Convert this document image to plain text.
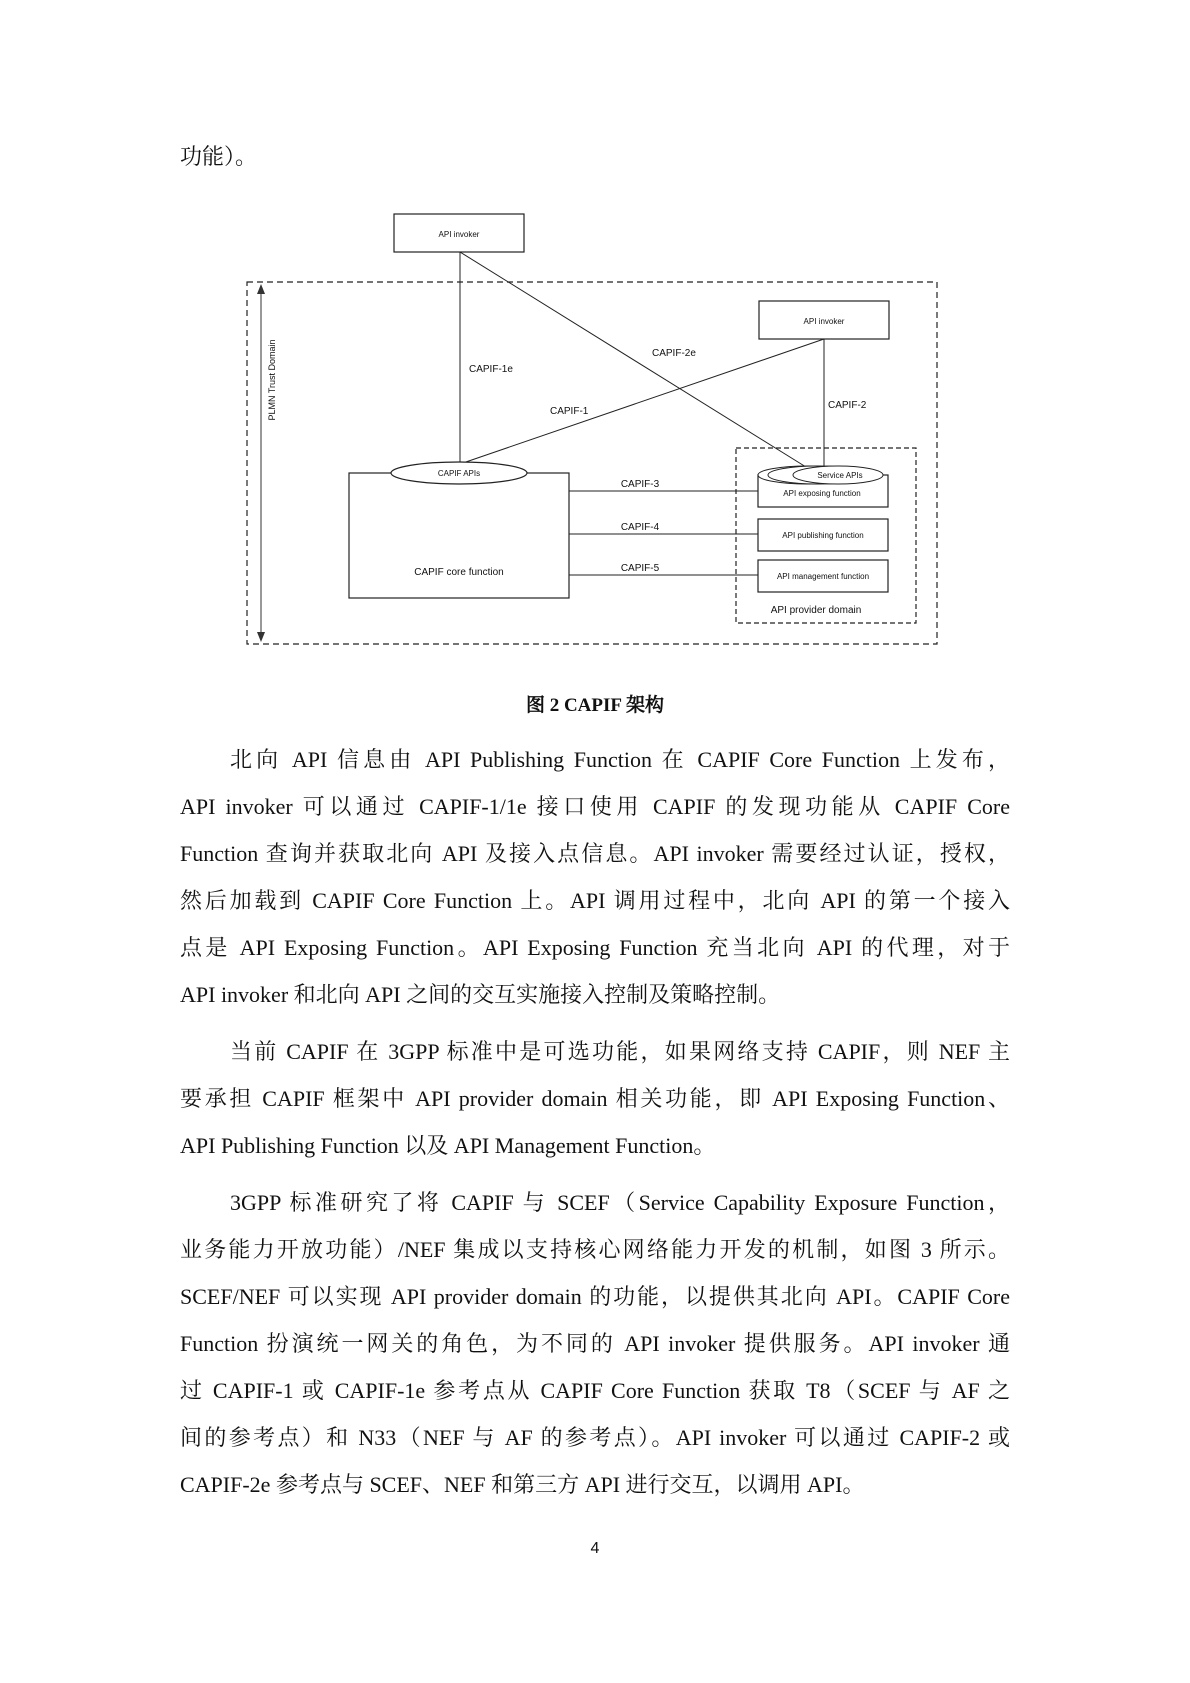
功能）。
PLMN Trust Domain
API invoker
API invoker
CAPIF-1e
CAPIF-2e
CAPIF-1
CAPIF-2
CAPIF APIs
CAPIF core function
API provider domain
Service APIs
API exposing function
API publishing function
API management function
CAPIF-3
CAPIF-4
CAPIF-5
图 2 CAPIF 架构
北向 API 信息由 API Publishing Function 在 CAPIF Core Function 上发布，
API invoker 可以通过 CAPIF-1/1e 接口使用 CAPIF 的发现功能从 CAPIF Core
Function 查询并获取北向 API 及接入点信息。API invoker 需要经过认证，授权，
然后加载到 CAPIF Core Function 上。API 调用过程中，北向 API 的第一个接入
点是 API Exposing Function。API Exposing Function 充当北向 API 的代理，对于
API invoker 和北向 API 之间的交互实施接入控制及策略控制。
当前 CAPIF 在 3GPP 标准中是可选功能，如果网络支持 CAPIF，则 NEF 主
要承担 CAPIF 框架中 API provider domain 相关功能，即 API Exposing Function、
API Publishing Function 以及 API Management Function。
3GPP 标准研究了将 CAPIF 与 SCEF（Service Capability Exposure Function，
业务能力开放功能）/NEF 集成以支持核心网络能力开发的机制，如图 3 所示。
SCEF/NEF 可以实现 API provider domain 的功能，以提供其北向 API。CAPIF Core
Function 扮演统一网关的角色，为不同的 API invoker 提供服务。API invoker 通
过 CAPIF-1 或 CAPIF-1e 参考点从 CAPIF Core Function 获取 T8（SCEF 与 AF 之
间的参考点）和 N33（NEF 与 AF 的参考点）。API invoker 可以通过 CAPIF-2 或
CAPIF-2e 参考点与 SCEF、NEF 和第三方 API 进行交互，以调用 API。
4
